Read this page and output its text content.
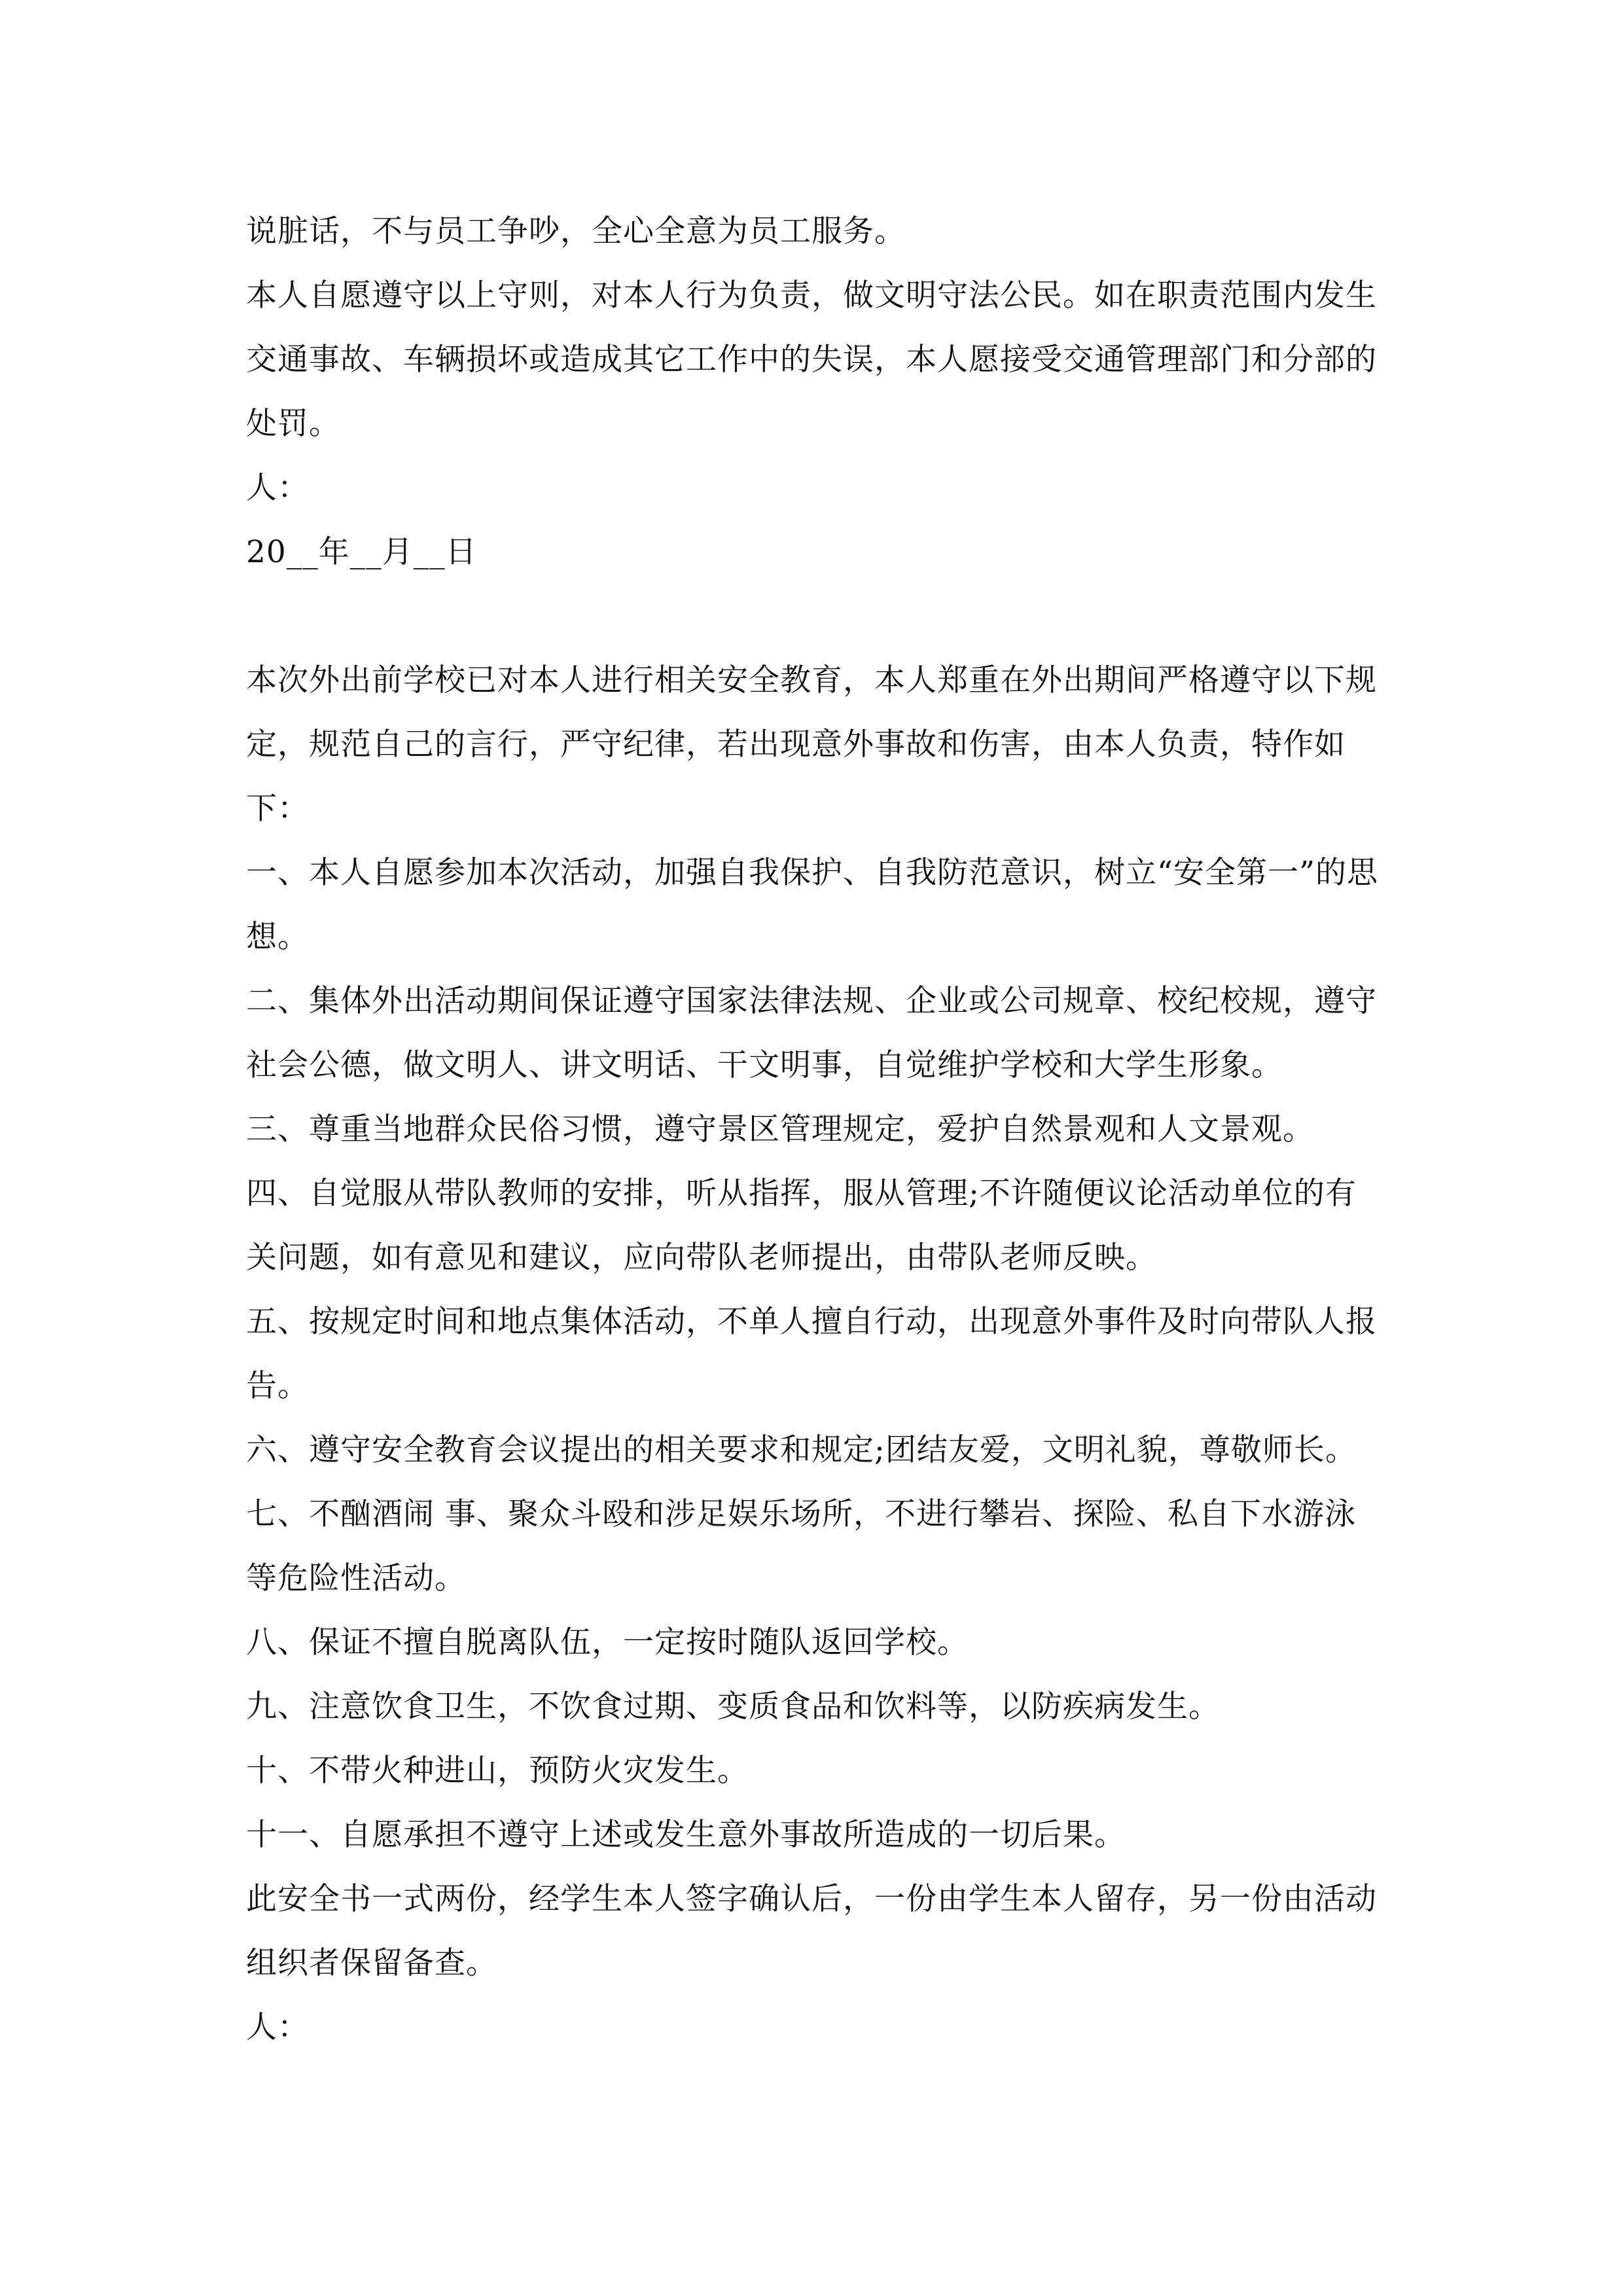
说脏话，不与员工争吵，全心全意为员工服务。

本人自愿遵守以上守则，对本人行为负责，做文明守法公民。如在职责范围内发生交通事故、车辆损坏或造成其它工作中的失误，本人愿接受交通管理部门和分部的处罚。

人：

20__年__月__日

本次外出前学校已对本人进行相关安全教育，本人郑重在外出期间严格遵守以下规定，规范自己的言行，严守纪律，若出现意外事故和伤害，由本人负责，特作如下：

一、本人自愿参加本次活动，加强自我保护、自我防范意识，树立“安全第一”的思想。

二、集体外出活动期间保证遵守国家法律法规、企业或公司规章、校纪校规，遵守社会公德，做文明人、讲文明话、干文明事，自觉维护学校和大学生形象。

三、尊重当地群众民俗习惯，遵守景区管理规定，爱护自然景观和人文景观。

四、自觉服从带队教师的安排，听从指挥，服从管理;不许随便议论活动单位的有关问题，如有意见和建议，应向带队老师提出，由带队老师反映。

五、按规定时间和地点集体活动，不单人擅自行动，出现意外事件及时向带队人报告。

六、遵守安全教育会议提出的相关要求和规定;团结友爱，文明礼貌，尊敬师长。

七、不酗酒闹 事、聚众斗殴和涉足娱乐场所，不进行攀岩、探险、私自下水游泳等危险性活动。

八、保证不擅自脱离队伍，一定按时随队返回学校。

九、注意饮食卫生，不饮食过期、变质食品和饮料等，以防疾病发生。

十、不带火种进山，预防火灾发生。

十一、自愿承担不遵守上述或发生意外事故所造成的一切后果。

此安全书一式两份，经学生本人签字确认后，一份由学生本人留存，另一份由活动组织者保留备查。

人：
